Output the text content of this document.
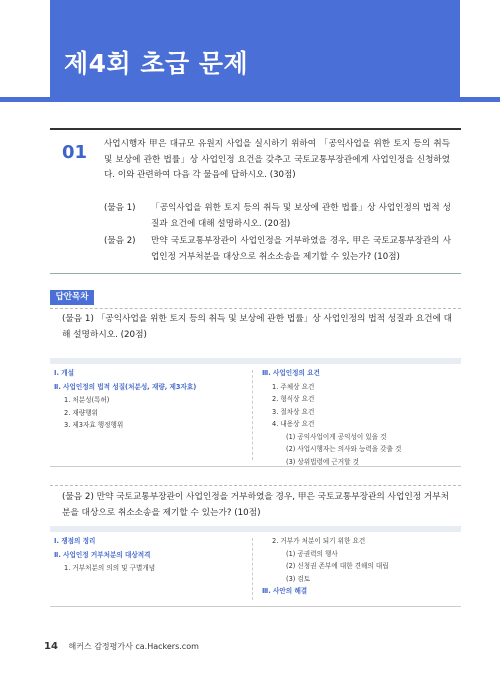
제4회 초급 문제
01 사업시행자 甲은 대규모 유원지 사업을 실시하기 위하여 「공익사업을 위한 토지 등의 취득 및 보상에 관한 법률」상 사업인정 요건을 갖추고 국토교통부장관에게 사업인정을 신청하였다. 이와 관련하여 다음 각 물음에 답하시오. (30점)
(물음 1) 「공익사업을 위한 토지 등의 취득 및 보상에 관한 법률」상 사업인정의 법적 성질과 요건에 대해 설명하시오. (20점)
(물음 2) 만약 국토교통부장관이 사업인정을 거부하였을 경우, 甲은 국토교통부장관의 사업인정 거부처분을 대상으로 취소소송을 제기할 수 있는가? (10점)
답안목차
(물음 1) 「공익사업을 위한 토지 등의 취득 및 보상에 관한 법률」상 사업인정의 법적 성질과 요건에 대해 설명하시오. (20점)
Ⅰ. 개설
Ⅱ. 사업인정의 법적 성질(처분성, 재량, 제3자효)
1. 처분성(특허)
2. 재량행위
3. 제3자효 행정행위
Ⅲ. 사업인정의 요건
1. 주체상 요건
2. 형식상 요건
3. 절차상 요건
4. 내용상 요건
(1) 공익사업이게 공익성이 있을 것
(2) 사업시행자는 의사와 능력을 갖출 것
(3) 상위법령에 근거할 것
(물음 2) 만약 국토교통부장관이 사업인정을 거부하였을 경우, 甲은 국토교통부장관의 사업인정 거부처분을 대상으로 취소소송을 제기할 수 있는가? (10점)
Ⅰ. 쟁점의 정리
Ⅱ. 사업인정 거부처분의 대상적격
1. 거부처분의 의의 및 구별개념
2. 거부가 처분이 되기 위한 요건
(1) 공권력의 행사
(2) 신청권 존부에 대한 견해의 대립
(3) 검토
Ⅲ. 사안의 해결
14 해커스 감정평가사 ca.Hackers.com
